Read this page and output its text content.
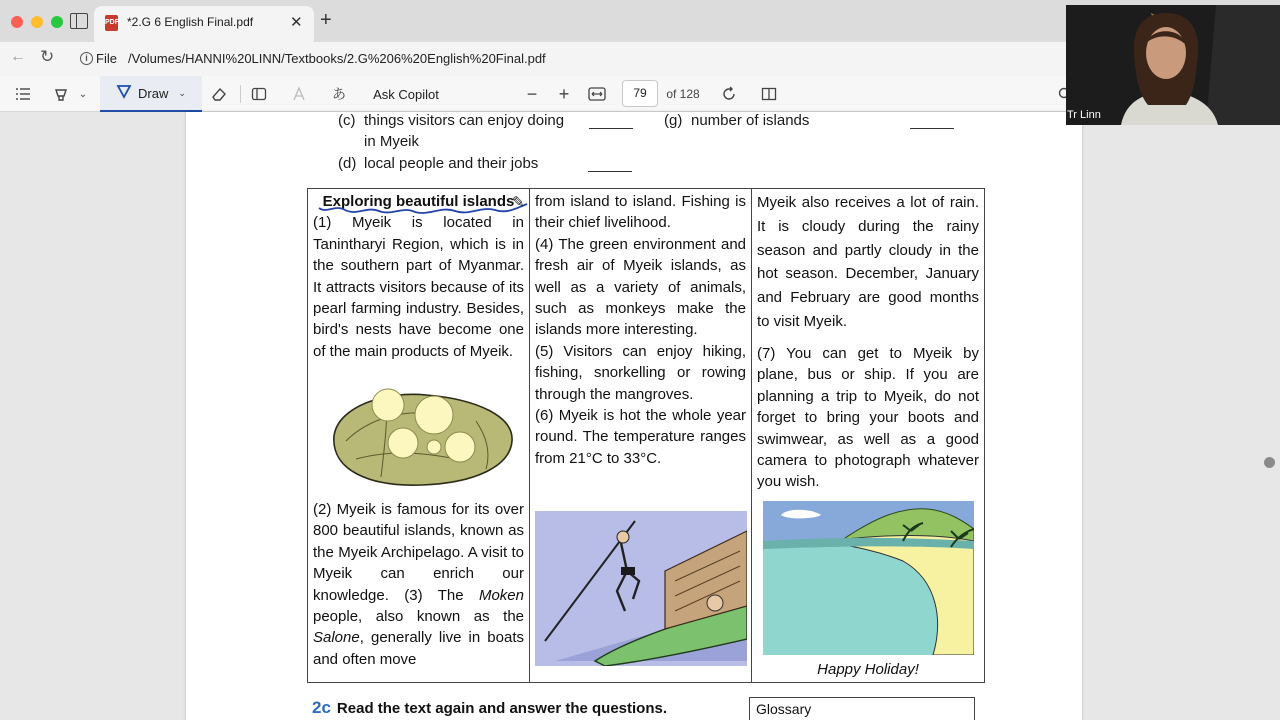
PDF *2.G 6 English Final.pdf ✕ +
← ↻	i File /Volumes/HANNI%20LINN/Textbooks/2.G%206%20English%20Final.pdf
⌄	Draw ⌄	あ	Ask Copilot	−	+	of 128
79
(c) things visitors can enjoy doing
in Myeik
(d) local people and their jobs
(g) number of islands

Exploring beautiful islands

(1) Myeik is located in Tanintharyi Region, which is in the southern part of Myanmar. It attracts visitors because of its pearl farming industry. Besides, bird's nests have become one of the main products of Myeik.

(2) Myeik is famous for its over 800 beautiful islands, known as the Myeik Archipelago. A visit to Myeik can enrich our knowledge. (3) The Moken people, also known as the Salone, generally live in boats and often move

from island to island. Fishing is their chief livelihood.

(4) The green environment and fresh air of Myeik islands, as well as a variety of animals, such as monkeys make the islands more interesting.

(5) Visitors can enjoy hiking, fishing, snorkelling or rowing through the mangroves.

(6) Myeik is hot the whole year round. The temperature ranges from 21°C to 33°C.

Myeik also receives a lot of rain. It is cloudy during the rainy season and partly cloudy in the hot season. December, January and February are good months to visit Myeik.

(7) You can get to Myeik by plane, bus or ship. If you are planning a trip to Myeik, do not forget to bring your boots and swimwear, as well as a good camera to photograph whatever you wish.

Happy Holiday!
✎
2c Read the text again and answer the questions.	Glossary
Tr Linn
